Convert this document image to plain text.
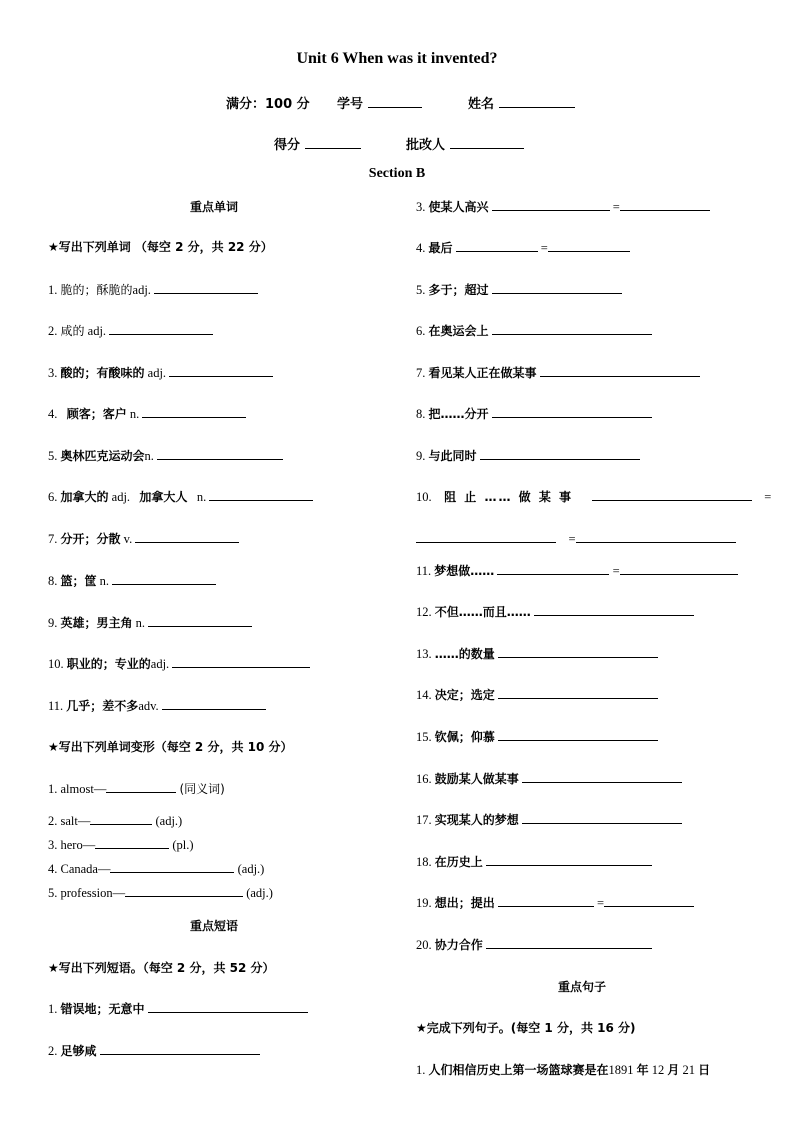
Unit 6 When was it invented?
满分：100 分 学号	姓名
得分	批改人
Section B
重点单词
★写出下列单词 （每空 2 分，共 22 分）
1. 脆的；酥脆的adj.
2. 咸的 adj.
3. 酸的；有酸味的 adj.
4. 顾客；客户 n.
5. 奥林匹克运动会n.
6. 加拿大的 adj. 加拿大人 n.
7. 分开；分散 v.
8. 篮；筐 n.
9. 英雄；男主角 n.
10. 职业的；专业的adj.
11. 几乎；差不多adv.
★写出下列单词变形（每空 2 分，共 10 分）
1. almost—	(同义词)
2. salt—	(adj.)
3. hero—	(pl.)
4. Canada—	(adj.)
5. profession—	(adj.)
重点短语
★写出下列短语。（每空 2 分，共 52 分）
1. 错误地；无意中
2. 足够咸
3. 使某人高兴	=
4. 最后	=
5. 多于；超过
6. 在奥运会上
7. 看见某人正在做某事
8. 把……分开
9. 与此同时
10. 阻 止 …… 做 某 事	=
=
11. 梦想做……	=
12. 不但……而且……
13. ……的数量
14. 决定；选定
15. 钦佩；仰慕
16. 鼓励某人做某事
17. 实现某人的梦想
18. 在历史上
19. 想出；提出	=
20. 协力合作
重点句子
★完成下列句子。(每空 1 分，共 16 分)
1. 人们相信历史上第一场篮球赛是在1891 年 12 月 21 日
